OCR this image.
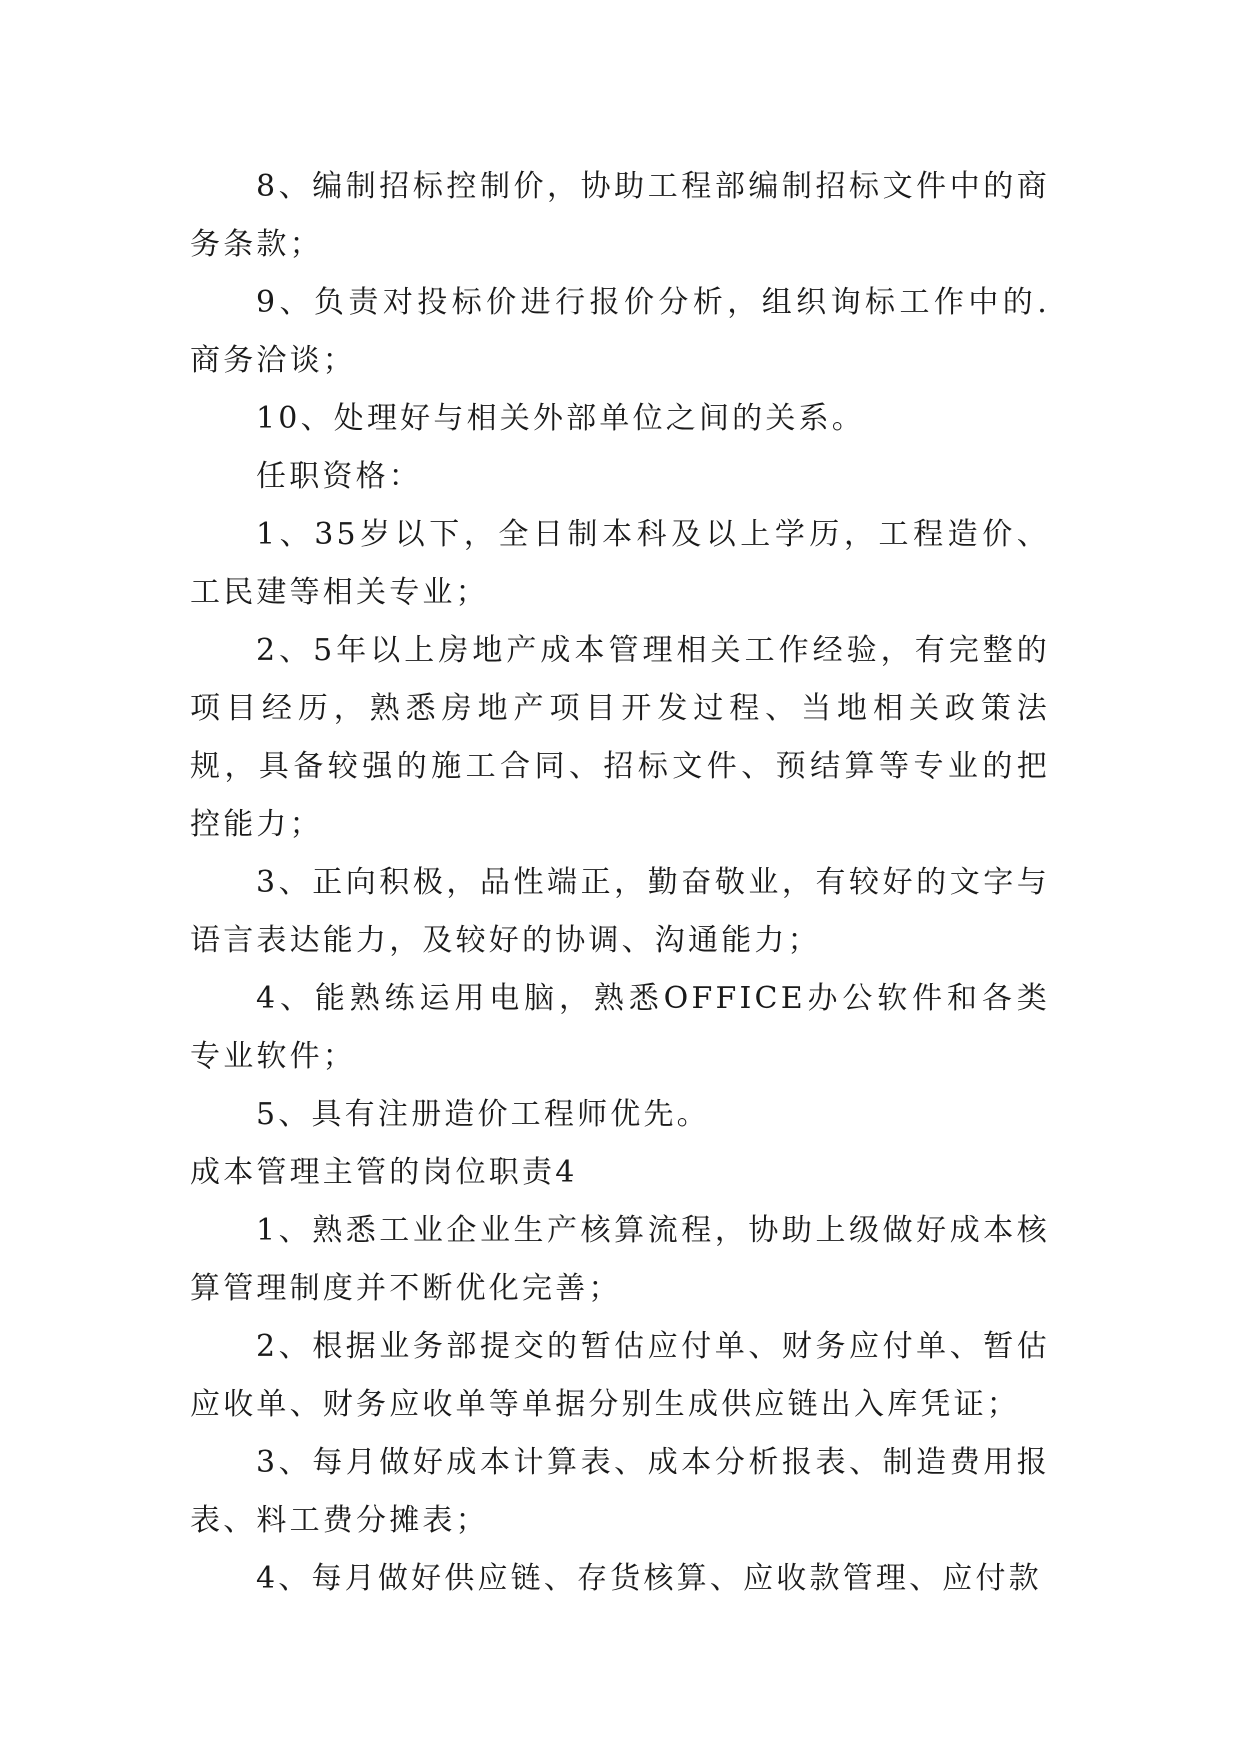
8、编制招标控制价，协助工程部编制招标文件中的商务条款；

9、负责对投标价进行报价分析，组织询标工作中的.商务洽谈；

10、处理好与相关外部单位之间的关系。

任职资格：

1、35岁以下，全日制本科及以上学历，工程造价、工民建等相关专业；

2、5年以上房地产成本管理相关工作经验，有完整的项目经历，熟悉房地产项目开发过程、当地相关政策法规，具备较强的施工合同、招标文件、预结算等专业的把控能力；

3、正向积极，品性端正，勤奋敬业，有较好的文字与语言表达能力，及较好的协调、沟通能力；

4、能熟练运用电脑，熟悉OFFICE办公软件和各类专业软件；

5、具有注册造价工程师优先。

成本管理主管的岗位职责4

1、熟悉工业企业生产核算流程，协助上级做好成本核算管理制度并不断优化完善；

2、根据业务部提交的暂估应付单、财务应付单、暂估应收单、财务应收单等单据分别生成供应链出入库凭证；

3、每月做好成本计算表、成本分析报表、制造费用报表、料工费分摊表；

4、每月做好供应链、存货核算、应收款管理、应付款
